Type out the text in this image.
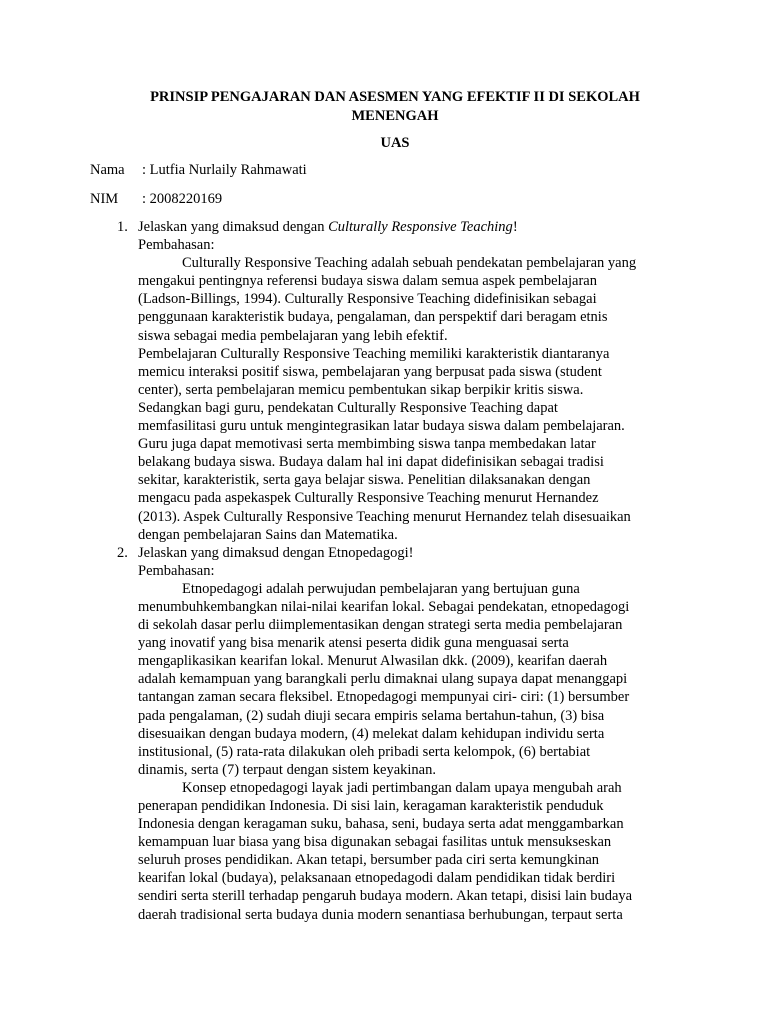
PRINSIP PENGAJARAN DAN ASESMEN YANG EFEKTIF II DI SEKOLAH
MENENGAH
UAS
Nama : Lutfia Nurlaily Rahmawati
NIM : 2008220169
1. Jelaskan yang dimaksud dengan Culturally Responsive Teaching!
Pembahasan:
Culturally Responsive Teaching adalah sebuah pendekatan pembelajaran yang
mengakui pentingnya referensi budaya siswa dalam semua aspek pembelajaran
(Ladson-Billings, 1994). Culturally Responsive Teaching didefinisikan sebagai
penggunaan karakteristik budaya, pengalaman, dan perspektif dari beragam etnis
siswa sebagai media pembelajaran yang lebih efektif.
Pembelajaran Culturally Responsive Teaching memiliki karakteristik diantaranya
memicu interaksi positif siswa, pembelajaran yang berpusat pada siswa (student
center), serta pembelajaran memicu pembentukan sikap berpikir kritis siswa.
Sedangkan bagi guru, pendekatan Culturally Responsive Teaching dapat
memfasilitasi guru untuk mengintegrasikan latar budaya siswa dalam pembelajaran.
Guru juga dapat memotivasi serta membimbing siswa tanpa membedakan latar
belakang budaya siswa. Budaya dalam hal ini dapat didefinisikan sebagai tradisi
sekitar, karakteristik, serta gaya belajar siswa. Penelitian dilaksanakan dengan
mengacu pada aspekaspek Culturally Responsive Teaching menurut Hernandez
(2013). Aspek Culturally Responsive Teaching menurut Hernandez telah disesuaikan
dengan pembelajaran Sains dan Matematika.
2. Jelaskan yang dimaksud dengan Etnopedagogi!
Pembahasan:
Etnopedagogi adalah perwujudan pembelajaran yang bertujuan guna
menumbuhkembangkan nilai-nilai kearifan lokal. Sebagai pendekatan, etnopedagogi
di sekolah dasar perlu diimplementasikan dengan strategi serta media pembelajaran
yang inovatif yang bisa menarik atensi peserta didik guna menguasai serta
mengaplikasikan kearifan lokal. Menurut Alwasilan dkk. (2009), kearifan daerah
adalah kemampuan yang barangkali perlu dimaknai ulang supaya dapat menanggapi
tantangan zaman secara fleksibel. Etnopedagogi mempunyai ciri- ciri: (1) bersumber
pada pengalaman, (2) sudah diuji secara empiris selama bertahun-tahun, (3) bisa
disesuaikan dengan budaya modern, (4) melekat dalam kehidupan individu serta
institusional, (5) rata-rata dilakukan oleh pribadi serta kelompok, (6) bertabiat
dinamis, serta (7) terpaut dengan sistem keyakinan.
Konsep etnopedagogi layak jadi pertimbangan dalam upaya mengubah arah
penerapan pendidikan Indonesia. Di sisi lain, keragaman karakteristik penduduk
Indonesia dengan keragaman suku, bahasa, seni, budaya serta adat menggambarkan
kemampuan luar biasa yang bisa digunakan sebagai fasilitas untuk mensukseskan
seluruh proses pendidikan. Akan tetapi, bersumber pada ciri serta kemungkinan
kearifan lokal (budaya), pelaksanaan etnopedagodi dalam pendidikan tidak berdiri
sendiri serta sterill terhadap pengaruh budaya modern. Akan tetapi, disisi lain budaya
daerah tradisional serta budaya dunia modern senantiasa berhubungan, terpaut serta
